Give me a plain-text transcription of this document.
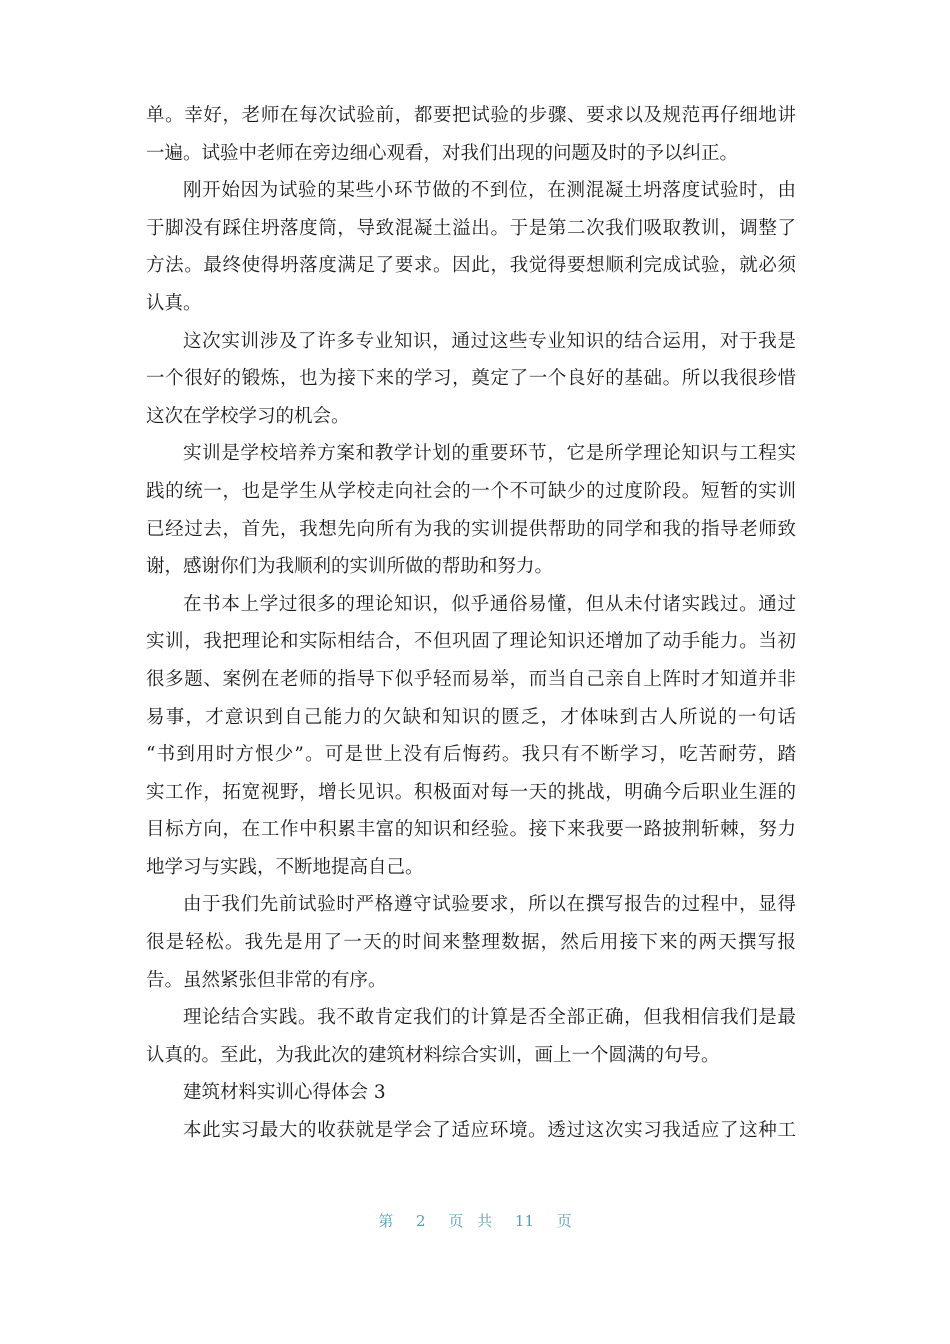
单。幸好，老师在每次试验前，都要把试验的步骤、要求以及规范再仔细地讲
一遍。试验中老师在旁边细心观看，对我们出现的问题及时的予以纠正。
刚开始因为试验的某些小环节做的不到位，在测混凝土坍落度试验时，由
于脚没有踩住坍落度筒，导致混凝土溢出。于是第二次我们吸取教训，调整了
方法。最终使得坍落度满足了要求。因此，我觉得要想顺利完成试验，就必须
认真。
这次实训涉及了许多专业知识，通过这些专业知识的结合运用，对于我是
一个很好的锻炼，也为接下来的学习，奠定了一个良好的基础。所以我很珍惜
这次在学校学习的机会。
实训是学校培养方案和教学计划的重要环节，它是所学理论知识与工程实
践的统一，也是学生从学校走向社会的一个不可缺少的过度阶段。短暂的实训
已经过去，首先，我想先向所有为我的实训提供帮助的同学和我的指导老师致
谢，感谢你们为我顺利的实训所做的帮助和努力。
在书本上学过很多的理论知识，似乎通俗易懂，但从未付诸实践过。通过
实训，我把理论和实际相结合，不但巩固了理论知识还增加了动手能力。当初
很多题、案例在老师的指导下似乎轻而易举，而当自己亲自上阵时才知道并非
易事，才意识到自己能力的欠缺和知识的匮乏，才体味到古人所说的一句话
“书到用时方恨少”。可是世上没有后悔药。我只有不断学习，吃苦耐劳，踏
实工作，拓宽视野，增长见识。积极面对每一天的挑战，明确今后职业生涯的
目标方向，在工作中积累丰富的知识和经验。接下来我要一路披荆斩棘，努力
地学习与实践，不断地提高自己。
由于我们先前试验时严格遵守试验要求，所以在撰写报告的过程中，显得
很是轻松。我先是用了一天的时间来整理数据，然后用接下来的两天撰写报
告。虽然紧张但非常的有序。
理论结合实践。我不敢肯定我们的计算是否全部正确，但我相信我们是最
认真的。至此，为我此次的建筑材料综合实训，画上一个圆满的句号。
建筑材料实训心得体会 3
本此实习最大的收获就是学会了适应环境。透过这次实习我适应了这种工
第 2 页 共 11 页
